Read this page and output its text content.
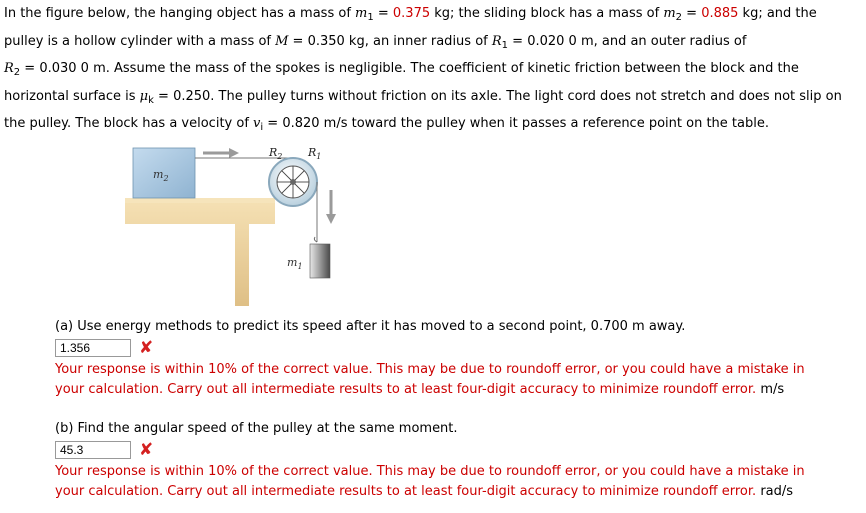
In the figure below, the hanging object has a mass of $m_1 = 0.375$ kg; the sliding block has a mass of $m_2 = 0.885$ kg; and the
pulley is a hollow cylinder with a mass of M = 0.350 kg, an inner radius of $R_1 = 0.020$ 0 m, and an outer radius of
$R_2 = 0.030$ 0 m. Assume the mass of the spokes is negligible. The coefficient of kinetic friction between the block and the
horizontal surface is $\mu_k = 0.250$. The pulley turns without friction on its axle. The light cord does not stretch and does not slip on
the pulley. The block has a velocity of $v_i = 0.820$ m/s toward the pulley when it passes a reference point on the table.

$m_2$
$R_2$ $R_1$
$m_1$
(a) Use energy methods to predict its speed after it has moved to a second point, 0.700 m away.
1.356	✘
Your response is within 10% of the correct value. This may be due to roundoff error, or you could have a mistake in
your calculation. Carry out all intermediate results to at least four-digit accuracy to minimize roundoff error. m/s
(b) Find the angular speed of the pulley at the same moment.
45.3	✘
Your response is within 10% of the correct value. This may be due to roundoff error, or you could have a mistake in
your calculation. Carry out all intermediate results to at least four-digit accuracy to minimize roundoff error. rad/s
